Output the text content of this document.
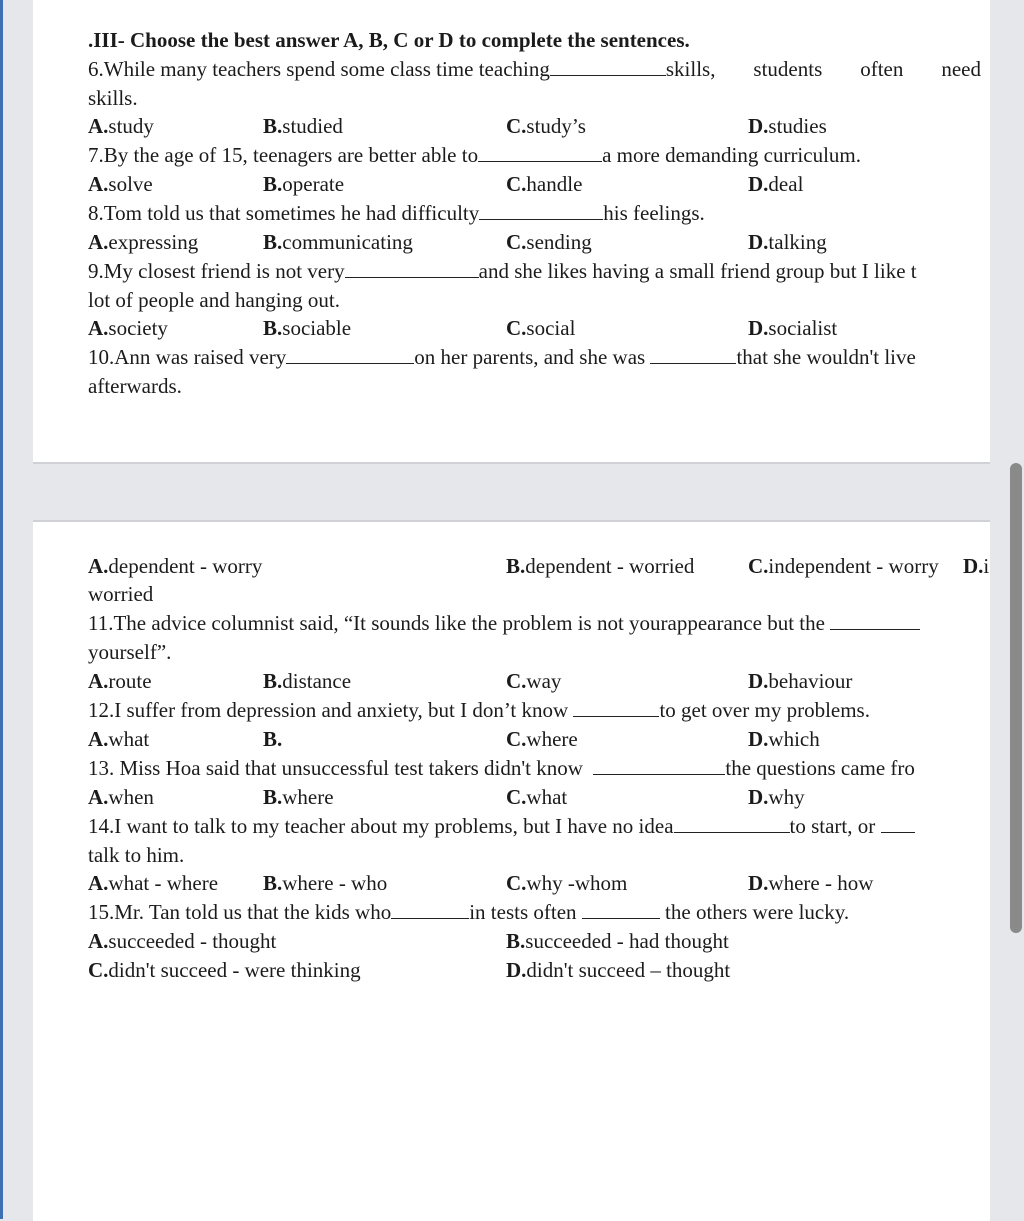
.III- Choose the best answer A, B, C or D to complete the sentences.
6.While many teachers spend some class time teaching	skills, students often need
skills.
A.study	B.studied	C.study’s	D.studies
7.By the age of 15, teenagers are better able to	a more demanding curriculum.
A.solve	B.operate	C.handle	D.deal
8.Tom told us that sometimes he had difficulty	his feelings.
A.expressing	B.communicating	C.sending	D.talking
9.My closest friend is not very	and she likes having a small friend group but I like t
lot of people and hanging out.
A.society	B.sociable	C.social	D.socialist
10.Ann was raised very	on her parents, and she was	that she wouldn't live
afterwards.
A.dependent - worry	B.dependent - worried	C.independent - worry D.i
worried
11.The advice columnist said, “It sounds like the problem is not yourappearance but the
yourself”.
A.route	B.distance	C.way	D.behaviour
12.I suffer from depression and anxiety, but I don’t know	to get over my problems.
A.what	B.	C.where	D.which
13. Miss Hoa said that unsuccessful test takers didn't know	the questions came fro
A.when	B.where	C.what	D.why
14.I want to talk to my teacher about my problems, but I have no idea	to start, or
talk to him.
A.what - where B.where - who	C.why -whom	D.where - how
15.Mr. Tan told us that the kids who	in tests often	the others were lucky.
A.succeeded - thought	B.succeeded - had thought
C.didn't succeed - were thinking	D.didn't succeed – thought
